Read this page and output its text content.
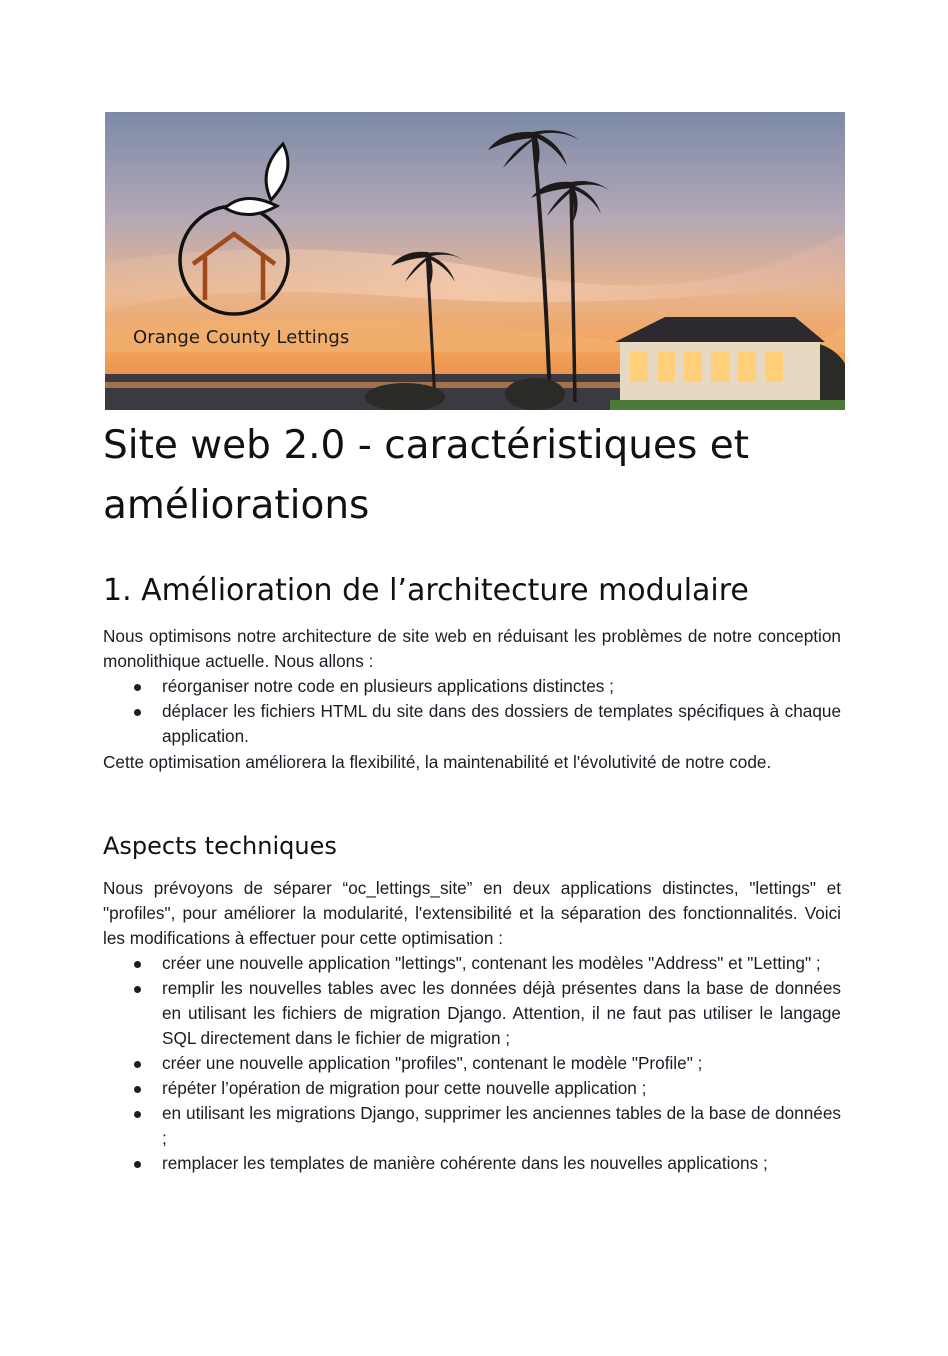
Orange County Lettings
Site web 2.0 - caractéristiques et améliorations
1. Amélioration de l’architecture modulaire

Nous optimisons notre architecture de site web en réduisant les problèmes de notre conception monolithique actuelle. Nous allons :

réorganiser notre code en plusieurs applications distinctes ;
déplacer les fichiers HTML du site dans des dossiers de templates spécifiques à chaque application.

Cette optimisation améliorera la flexibilité, la maintenabilité et l'évolutivité de notre code.

Aspects techniques

Nous prévoyons de séparer “oc_lettings_site” en deux applications distinctes, "lettings" et "profiles", pour améliorer la modularité, l'extensibilité et la séparation des fonctionnalités. Voici les modifications à effectuer pour cette optimisation :

créer une nouvelle application "lettings", contenant les modèles "Address" et "Letting" ;
remplir les nouvelles tables avec les données déjà présentes dans la base de données en utilisant les fichiers de migration Django. Attention, il ne faut pas utiliser le langage SQL directement dans le fichier de migration ;
créer une nouvelle application "profiles", contenant le modèle "Profile" ;
répéter l’opération de migration pour cette nouvelle application ;
en utilisant les migrations Django, supprimer les anciennes tables de la base de données ;
remplacer les templates de manière cohérente dans les nouvelles applications ;
